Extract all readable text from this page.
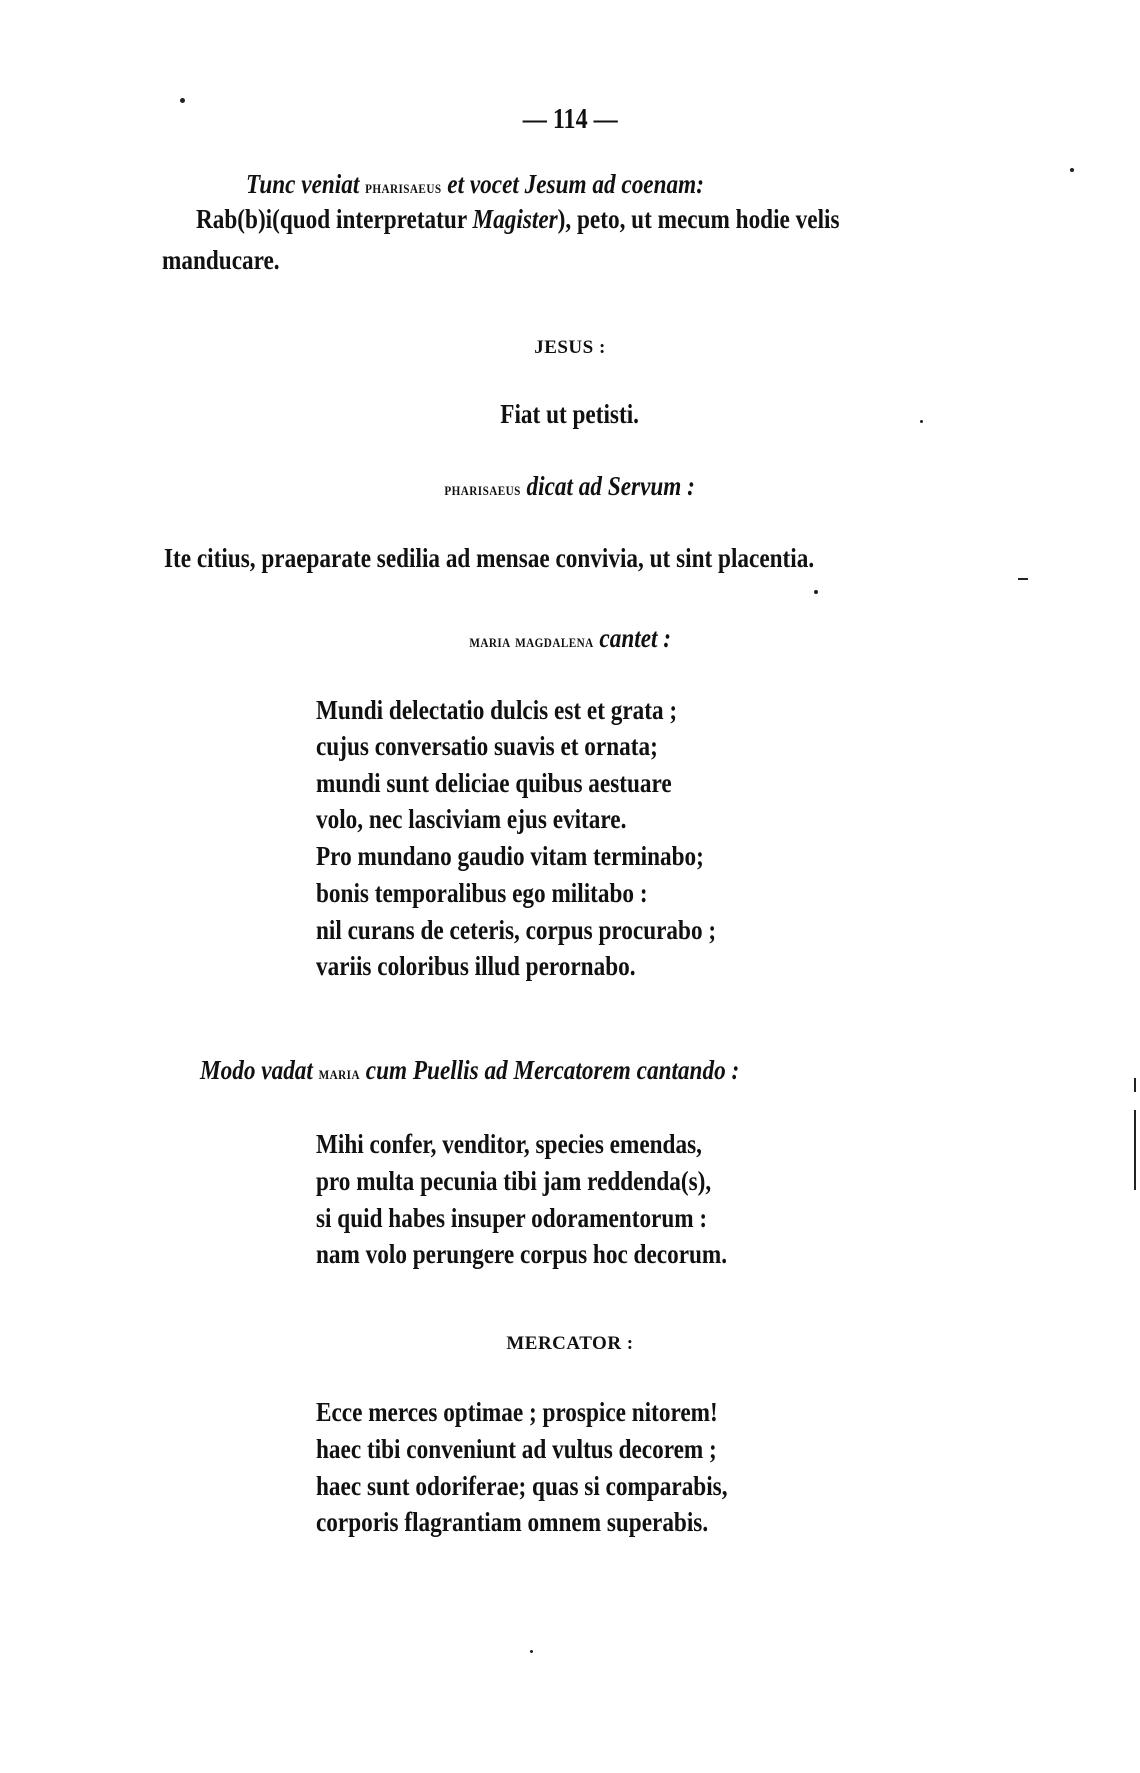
— 114 —
Tunc veniat pharisaeus et vocet Jesum ad coenam:
Rab(b)i(quod interpretatur Magister), peto, ut mecum hodie velis
manducare.
JESUS :
Fiat ut petisti.
pharisaeus dicat ad Servum :
Ite citius, praeparate sedilia ad mensae convivia, ut sint placentia.
maria magdalena cantet :
Mundi delectatio dulcis est et grata ;
cujus conversatio suavis et ornata;
mundi sunt deliciae quibus aestuare
volo, nec lasciviam ejus evitare.
Pro mundano gaudio vitam terminabo;
bonis temporalibus ego militabo :
nil curans de ceteris, corpus procurabo ;
variis coloribus illud perornabo.
Modo vadat maria cum Puellis ad Mercatorem cantando :
Mihi confer, venditor, species emendas,
pro multa pecunia tibi jam reddenda(s),
si quid habes insuper odoramentorum :
nam volo perungere corpus hoc decorum.
MERCATOR :
Ecce merces optimae ; prospice nitorem!
haec tibi conveniunt ad vultus decorem ;
haec sunt odoriferae; quas si comparabis,
corporis flagrantiam omnem superabis.
